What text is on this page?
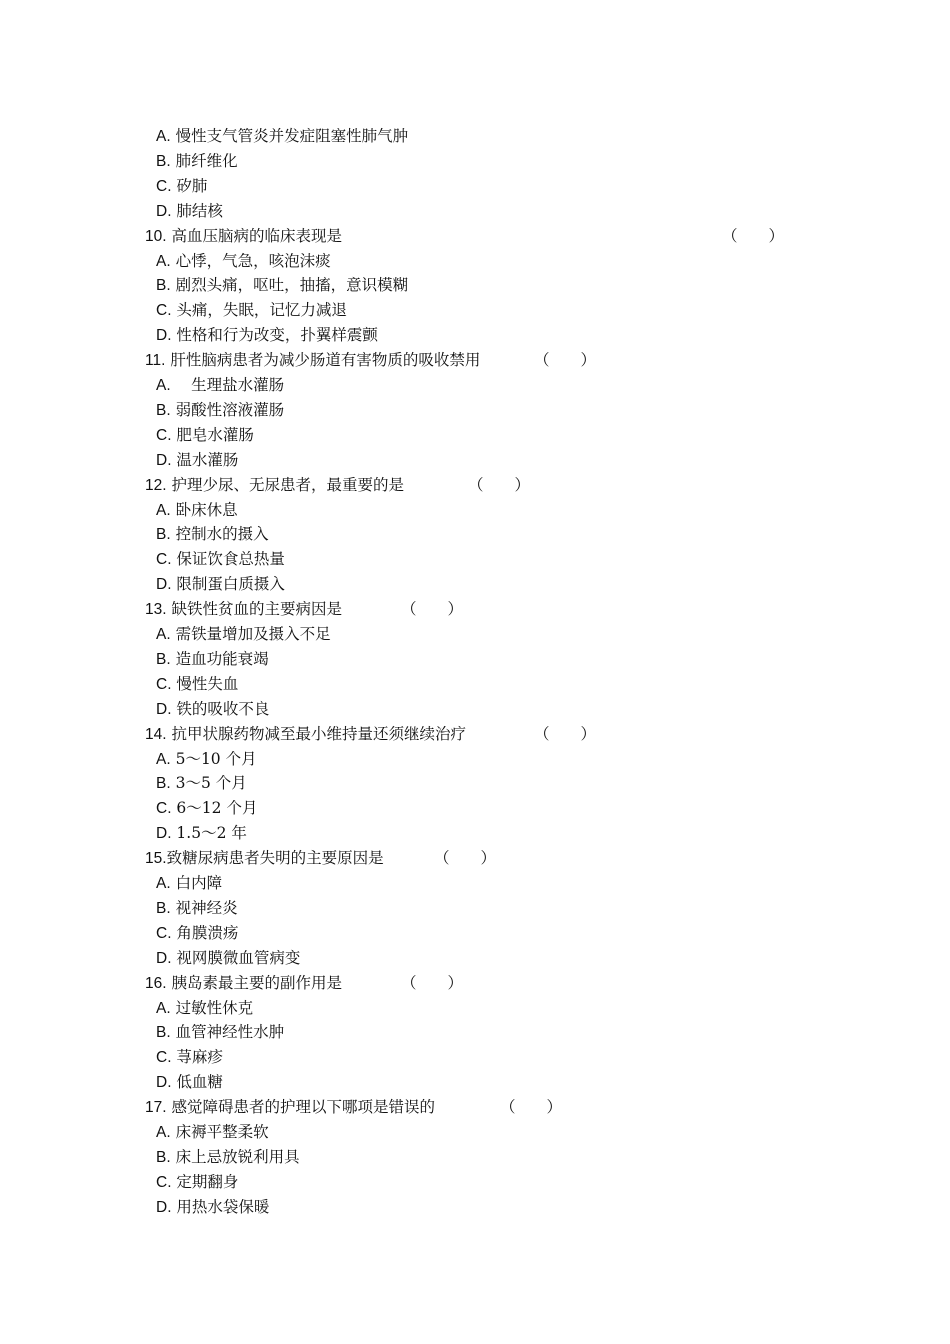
A. 慢性支气管炎并发症阻塞性肺气肿
B. 肺纤维化
C. 矽肺
D. 肺结核
10. 高血压脑病的临床表现是	（　　）
A. 心悸，气急，咳泡沫痰
B. 剧烈头痛，呕吐，抽搐，意识模糊
C. 头痛，失眠，记忆力减退
D. 性格和行为改变，扑翼样震颤
11. 肝性脑病患者为减少肠道有害物质的吸收禁用	（　　）
A. 　生理盐水灌肠
B. 弱酸性溶液灌肠
C. 肥皂水灌肠
D. 温水灌肠
12. 护理少尿、无尿患者，最重要的是	（　　）
A. 卧床休息
B. 控制水的摄入
C. 保证饮食总热量
D. 限制蛋白质摄入
13. 缺铁性贫血的主要病因是	（　　）
A. 需铁量增加及摄入不足
B. 造血功能衰竭
C. 慢性失血
D. 铁的吸收不良
14. 抗甲状腺药物减至最小维持量还须继续治疗	（　　）
A. 5～10 个月
B. 3～5 个月
C. 6～12 个月
D. 1.5～2 年
15.致糖尿病患者失明的主要原因是	（　　）
A. 白内障
B. 视神经炎
C. 角膜溃疡
D. 视网膜微血管病变
16. 胰岛素最主要的副作用是	（　　）
A. 过敏性休克
B. 血管神经性水肿
C. 荨麻疹
D. 低血糖
17. 感觉障碍患者的护理以下哪项是错误的	（　　）
A. 床褥平整柔软
B. 床上忌放锐利用具
C. 定期翻身
D. 用热水袋保暖
